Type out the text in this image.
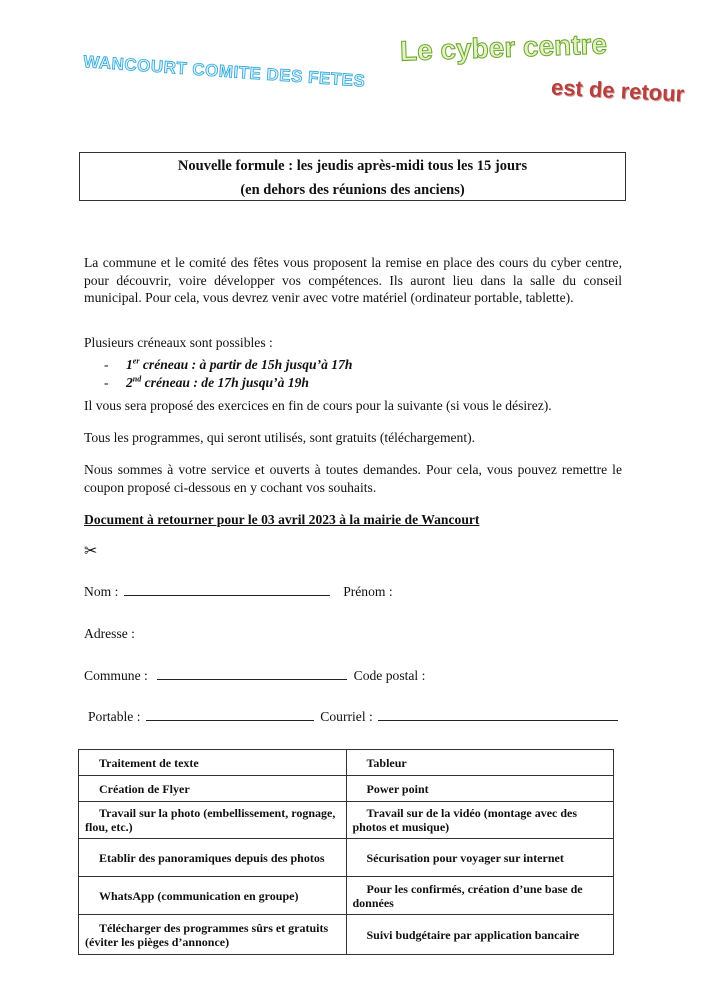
WANCOURT COMITE DES FETES
Le cyber centre
est de retour
Nouvelle formule : les jeudis après-midi tous les 15 jours
(en dehors des réunions des anciens)
La commune et le comité des fêtes vous proposent la remise en place des cours du cyber centre, pour découvrir, voire développer vos compétences. Ils auront lieu dans la salle du conseil municipal. Pour cela, vous devrez venir avec votre matériel (ordinateur portable, tablette).
Plusieurs créneaux sont possibles :
- 1er créneau : à partir de 15h jusqu’à 17h
- 2nd créneau : de 17h jusqu’à 19h
Il vous sera proposé des exercices en fin de cours pour la suivante (si vous le désirez).
Tous les programmes, qui seront utilisés, sont gratuits (téléchargement).
Nous sommes à votre service et ouverts à toutes demandes. Pour cela, vous pouvez remettre le coupon proposé ci-dessous en y cochant vos souhaits.
Document à retourner pour le 03 avril 2023 à la mairie de Wancourt
✂
Nom :	Prénom :
Adresse :
Commune :	Code postal :
Portable :	Courriel :
Traitement de texte	Tableur

Création de Flyer	Power point

Travail sur la photo (embellissement, rognage, flou, etc.)	Travail sur de la vidéo (montage avec des photos et musique)

Etablir des panoramiques depuis des photos	Sécurisation pour voyager sur internet

WhatsApp (communication en groupe)	Pour les confirmés, création d’une base de données

Télécharger des programmes sûrs et gratuits (éviter les pièges d’annonce)	Suivi budgétaire par application bancaire
